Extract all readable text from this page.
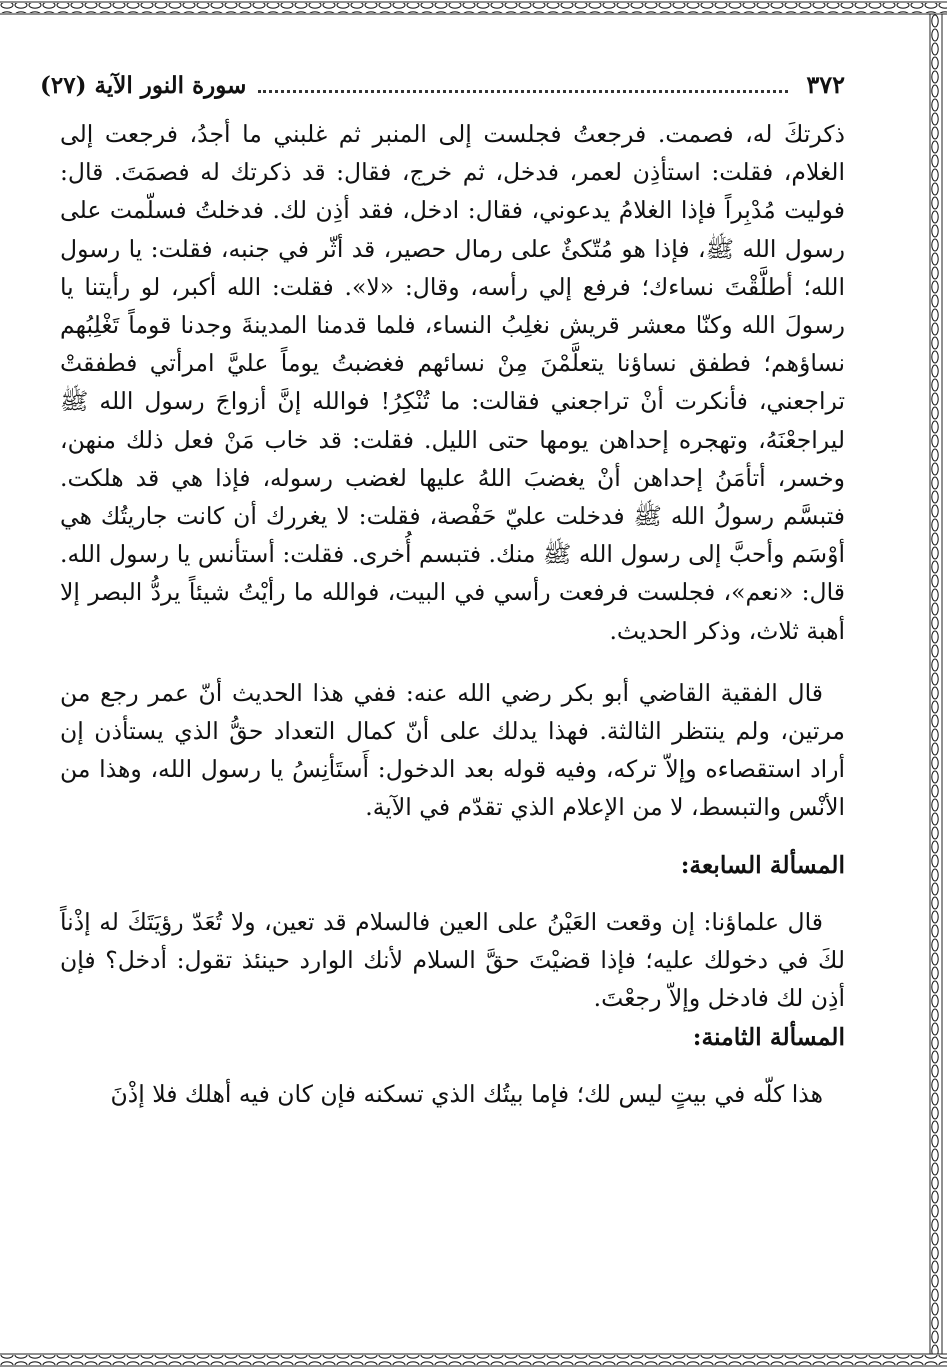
٣٧٢
سورة النور الآية (٢٧)

ذكرتكَ له، فصمت. فرجعتُ فجلست إلى المنبر ثم غلبني ما أجدُ، فرجعت إلى الغلام، فقلت: استأذِن لعمر، فدخل، ثم خرج، فقال: قد ذكرتك له فصمَتَ. قال: فوليت مُدْبِراً فإذا الغلامُ يدعوني، فقال: ادخل، فقد أذِن لك. فدخلتُ فسلّمت على رسول الله ﷺ، فإذا هو مُتّكئٌ على رمال حصير، قد أثّر في جنبه، فقلت: يا رسول الله؛ أطلَّقْتَ نساءك؛ فرفع إلي رأسه، وقال: «لا». فقلت: الله أكبر، لو رأيتنا يا رسولَ الله وكنّا معشر قريش نغلِبُ النساء، فلما قدمنا المدينةَ وجدنا قوماً تَغْلِبُهم نساؤهم؛ فطفق نساؤنا يتعلَّمْنَ مِنْ نسائهم فغضبتُ يوماً عليَّ امرأتي فطفقتْ تراجعني، فأنكرت أنْ تراجعني فقالت: ما تُنْكِرُ! فوالله إنَّ أزواجَ رسول الله ﷺ ليراجعْنَهُ، وتهجره إحداهن يومها حتى الليل. فقلت: قد خاب مَنْ فعل ذلك منهن، وخسر، أتأمَنُ إحداهن أنْ يغضبَ اللهُ عليها لغضب رسوله، فإذا هي قد هلكت. فتبسَّم رسولُ الله ﷺ فدخلت عليّ حَفْصة، فقلت: لا يغررك أن كانت جاريتُك هي أوْسَم وأحبَّ إلى رسول الله ﷺ منك. فتبسم أُخرى. فقلت: أستأنس يا رسول الله. قال: «نعم»، فجلست فرفعت رأسي في البيت، فوالله ما رأيْتُ شيئاً يردُّ البصر إلا أهبة ثلاث، وذكر الحديث.

قال الفقية القاضي أبو بكر رضي الله عنه: ففي هذا الحديث أنّ عمر رجع من مرتين، ولم ينتظر الثالثة. فهذا يدلك على أنّ كمال التعداد حقُّ الذي يستأذن إن أراد استقصاءه وإلاّ تركه، وفيه قوله بعد الدخول: أَستَأنِسُ يا رسول الله، وهذا من الأنْس والتبسط، لا من الإعلام الذي تقدّم في الآية.

المسألة السابعة:

قال علماؤنا: إن وقعت العَيْنُ على العين فالسلام قد تعين، ولا تُعَدّ رؤيَتَكَ له إذْناً لكَ في دخولك عليه؛ فإذا قضيْتَ حقَّ السلام لأنك الوارد حينئذ تقول: أدخل؟ فإن أذِن لك فادخل وإلاّ رجعْتَ.

المسألة الثامنة:

هذا كلّه في بيتٍ ليس لك؛ فإما بيتُك الذي تسكنه فإن كان فيه أهلك فلا إذْنَ
